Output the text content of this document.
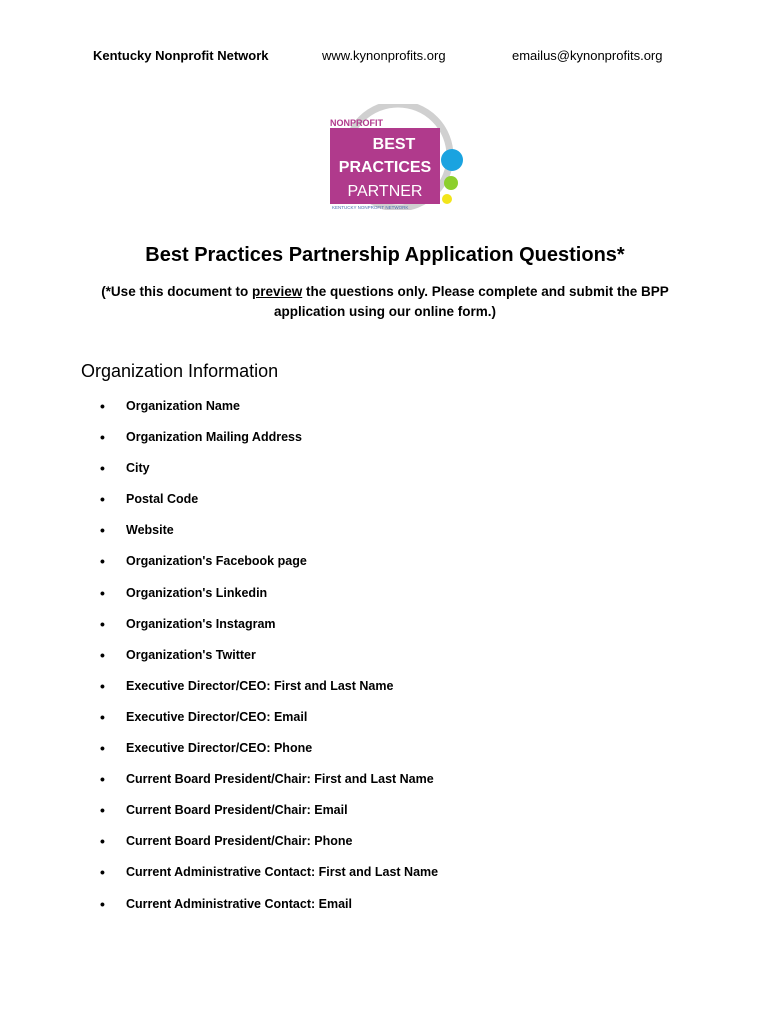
Kentucky Nonprofit Network	www.kynonprofits.org	emailus@kynonprofits.org
NONPROFIT
BEST
PRACTICES
PARTNER
KENTUCKY NONPROFIT NETWORK
Best Practices Partnership Application Questions*
(*Use this document to preview the questions only. Please complete and submit the BPP application using our online form.)
Organization Information
•	Organization Name
•	Organization Mailing Address
•	City
•	Postal Code
•	Website
•	Organization's Facebook page
•	Organization's Linkedin
•	Organization's Instagram
•	Organization's Twitter
•	Executive Director/CEO: First and Last Name
•	Executive Director/CEO: Email
•	Executive Director/CEO: Phone
•	Current Board President/Chair: First and Last Name
•	Current Board President/Chair: Email
•	Current Board President/Chair: Phone
•	Current Administrative Contact: First and Last Name
•	Current Administrative Contact: Email
